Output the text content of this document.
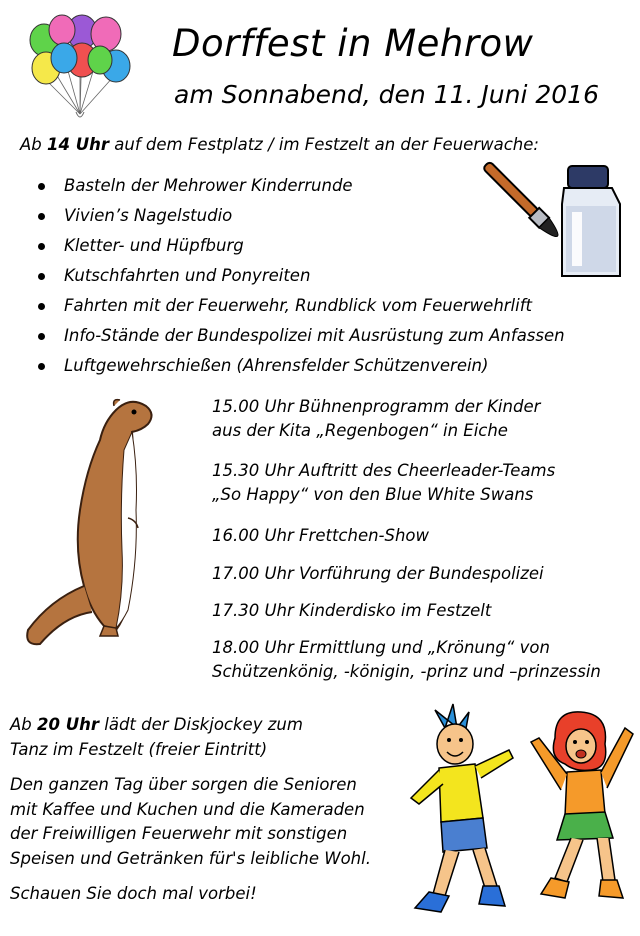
Dorffest in Mehrow
am Sonnabend, den 11. Juni 2016
Ab 14 Uhr auf dem Festplatz / im Festzelt an der Feuerwache:
Basteln der Mehrower Kinderrunde
Vivien’s Nagelstudio
Kletter- und Hüpfburg
Kutschfahrten und Ponyreiten
Fahrten mit der Feuerwehr, Rundblick vom Feuerwehrlift
Info-Stände der Bundespolizei mit Ausrüstung zum Anfassen
Luftgewehrschießen (Ahrensfelder Schützenverein)
15.00 Uhr Bühnenprogramm der Kinder
aus der Kita „Regenbogen“ in Eiche
15.30 Uhr Auftritt des Cheerleader-Teams
„So Happy“ von den Blue White Swans
16.00 Uhr Frettchen-Show
17.00 Uhr Vorführung der Bundespolizei
17.30 Uhr Kinderdisko im Festzelt
18.00 Uhr Ermittlung und „Krönung“ von
Schützenkönig, -königin, -prinz und –prinzessin

Ab 20 Uhr lädt der Diskjockey zum
Tanz im Festzelt (freier Eintritt)

Den ganzen Tag über sorgen die Senioren
mit Kaffee und Kuchen und die Kameraden
der Freiwilligen Feuerwehr mit sonstigen
Speisen und Getränken für's leibliche Wohl.

Schauen Sie doch mal vorbei!
